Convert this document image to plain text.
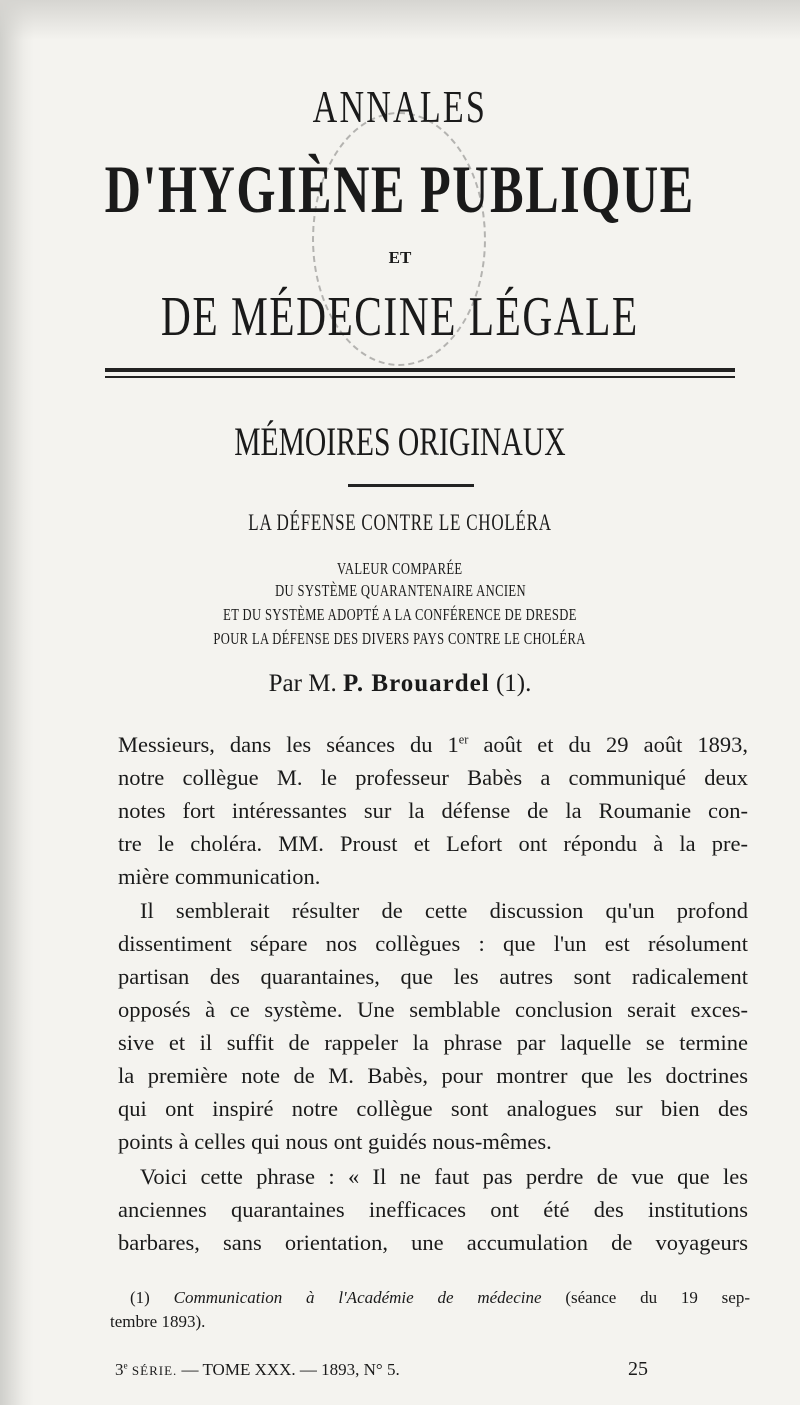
ANNALES
D'HYGIÈNE PUBLIQUE
ET
DE MÉDECINE LÉGALE
MÉMOIRES ORIGINAUX
LA DÉFENSE CONTRE LE CHOLÉRA
VALEUR COMPARÉE
DU SYSTÈME QUARANTENAIRE ANCIEN
ET DU SYSTÈME ADOPTÉ A LA CONFÉRENCE DE DRESDE
POUR LA DÉFENSE DES DIVERS PAYS CONTRE LE CHOLÉRA
Par M. P. Brouardel (1).
Messieurs, dans les séances du 1er août et du 29 août 1893,
notre collègue M. le professeur Babès a communiqué deux
notes fort intéressantes sur la défense de la Roumanie con-
tre le choléra. MM. Proust et Lefort ont répondu à la pre-
mière communication.
Il semblerait résulter de cette discussion qu'un profond
dissentiment sépare nos collègues : que l'un est résolument
partisan des quarantaines, que les autres sont radicalement
opposés à ce système. Une semblable conclusion serait exces-
sive et il suffit de rappeler la phrase par laquelle se termine
la première note de M. Babès, pour montrer que les doctrines
qui ont inspiré notre collègue sont analogues sur bien des
points à celles qui nous ont guidés nous-mêmes.
Voici cette phrase : « Il ne faut pas perdre de vue que les
anciennes quarantaines inefficaces ont été des institutions
barbares, sans orientation, une accumulation de voyageurs
(1) Communication à l'Académie de médecine (séance du 19 sep-
tembre 1893).
3e SÉRIE. — TOME XXX. — 1893, N° 5.	25
